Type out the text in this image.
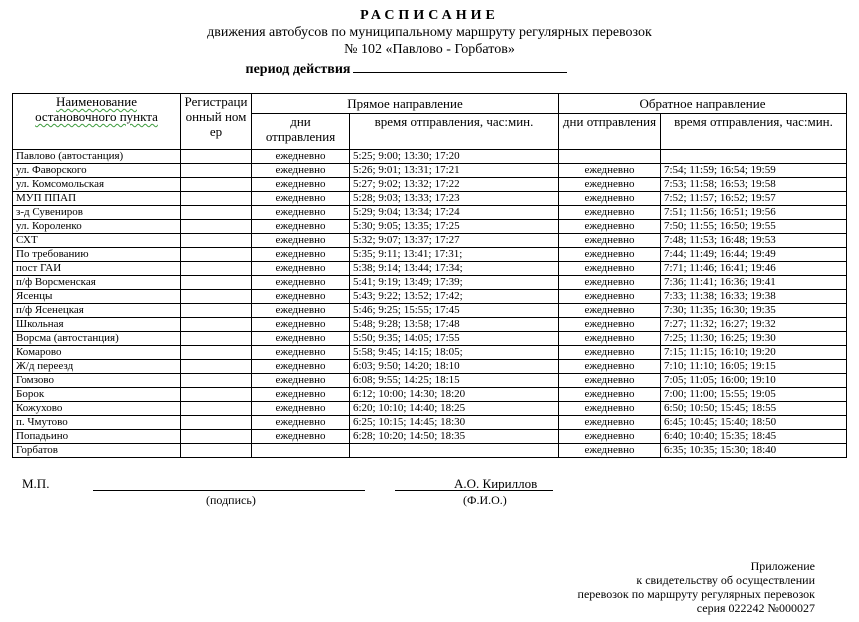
РАСПИСАНИЕ
движения автобусов по муниципальному маршруту регулярных перевозок
№ 102 «Павлово - Горбатов»
период действия
Наименование остановочного пункта	Регистрационный номер	Прямое направление		Обратное направление	
		дни отправления	время отправления, час:мин.	дни отправления	время отправления, час:мин.
Павлово (автостанция)		ежедневно	5:25; 9:00; 13:30; 17:20		
ул. Фаворского		ежедневно	5:26; 9:01; 13:31; 17:21	ежедневно	7:54; 11:59; 16:54; 19:59
ул. Комсомольская		ежедневно	5:27; 9:02; 13:32; 17:22	ежедневно	7:53; 11:58; 16:53; 19:58
МУП ППАП		ежедневно	5:28; 9:03; 13:33; 17:23	ежедневно	7:52; 11:57; 16:52; 19:57
з-д Сувениров		ежедневно	5:29; 9:04; 13:34; 17:24	ежедневно	7:51; 11:56; 16:51; 19:56
ул. Короленко		ежедневно	5:30; 9:05; 13:35; 17:25	ежедневно	7:50; 11:55; 16:50; 19:55
СХТ		ежедневно	5:32; 9:07; 13:37; 17:27	ежедневно	7:48; 11:53; 16:48; 19:53
По требованию		ежедневно	5:35; 9:11; 13:41; 17:31;	ежедневно	7:44; 11:49; 16:44; 19:49
пост ГАИ		ежедневно	5:38; 9:14; 13:44; 17:34;	ежедневно	7:71; 11:46; 16:41; 19:46
п/ф Ворсменская		ежедневно	5:41; 9:19; 13:49; 17:39;	ежедневно	7:36; 11:41; 16:36; 19:41
Ясенцы		ежедневно	5:43; 9:22; 13:52; 17:42;	ежедневно	7:33; 11:38; 16:33; 19:38
п/ф Ясенецкая		ежедневно	5:46; 9:25; 15:55; 17:45	ежедневно	7:30; 11:35; 16:30; 19:35
Школьная		ежедневно	5:48; 9:28; 13:58; 17:48	ежедневно	7:27; 11:32; 16:27; 19:32
Ворсма (автостанция)		ежедневно	5:50; 9:35; 14:05; 17:55	ежедневно	7:25; 11:30; 16:25; 19:30
Комарово		ежедневно	5:58; 9:45; 14:15; 18:05;	ежедневно	7:15; 11:15; 16:10; 19:20
Ж/д переезд		ежедневно	6:03; 9:50; 14:20; 18:10	ежедневно	7:10; 11:10; 16:05; 19:15
Гомзово		ежедневно	6:08; 9:55; 14:25; 18:15	ежедневно	7:05; 11:05; 16:00; 19:10
Борок		ежедневно	6:12; 10:00; 14:30; 18:20	ежедневно	7:00; 11:00; 15:55; 19:05
Кожухово		ежедневно	6:20; 10:10; 14:40; 18:25	ежедневно	6:50; 10:50; 15:45; 18:55
п. Чмутово		ежедневно	6:25; 10:15; 14:45; 18:30	ежедневно	6:45; 10:45; 15:40; 18:50
Попадьино		ежедневно	6:28; 10:20; 14:50; 18:35	ежедневно	6:40; 10:40; 15:35; 18:45
Горбатов				ежедневно	6:35; 10:35; 15:30; 18:40
М.П.	А.О. Кириллов
(подпись)	(Ф.И.О.)
Приложение
к свидетельству об осуществлении
перевозок по маршруту регулярных перевозок
серия 022242 №000027
